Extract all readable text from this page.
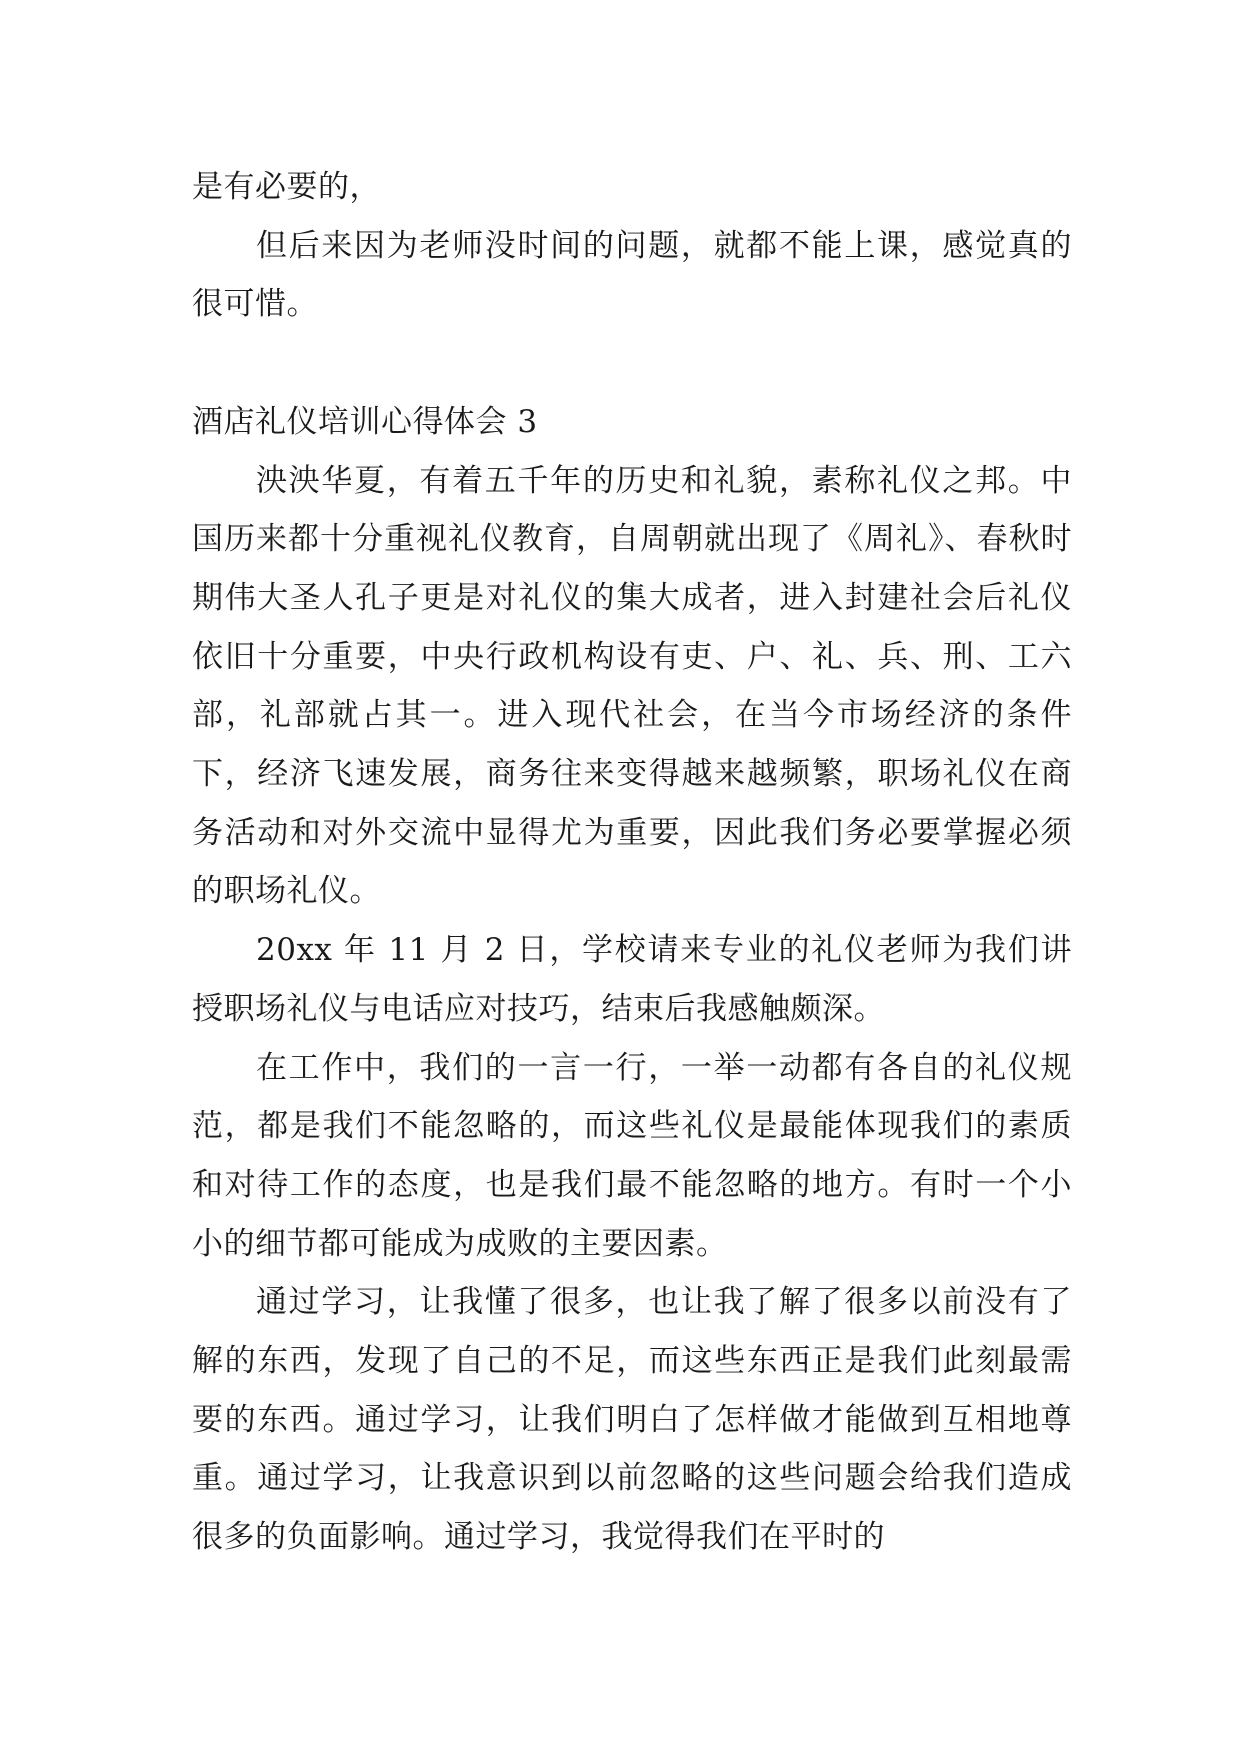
是有必要的，

但后来因为老师没时间的问题，就都不能上课，感觉真的很可惜。

酒店礼仪培训心得体会 3

泱泱华夏，有着五千年的历史和礼貌，素称礼仪之邦。中国历来都十分重视礼仪教育，自周朝就出现了《周礼》、春秋时期伟大圣人孔子更是对礼仪的集大成者，进入封建社会后礼仪依旧十分重要，中央行政机构设有吏、户、礼、兵、刑、工六部，礼部就占其一。进入现代社会，在当今市场经济的条件下，经济飞速发展，商务往来变得越来越频繁，职场礼仪在商务活动和对外交流中显得尤为重要，因此我们务必要掌握必须的职场礼仪。

20xx 年 11 月 2 日，学校请来专业的礼仪老师为我们讲授职场礼仪与电话应对技巧，结束后我感触颇深。

在工作中，我们的一言一行，一举一动都有各自的礼仪规范，都是我们不能忽略的，而这些礼仪是最能体现我们的素质和对待工作的态度，也是我们最不能忽略的地方。有时一个小小的细节都可能成为成败的主要因素。

通过学习，让我懂了很多，也让我了解了很多以前没有了解的东西，发现了自己的不足，而这些东西正是我们此刻最需要的东西。通过学习，让我们明白了怎样做才能做到互相地尊重。通过学习，让我意识到以前忽略的这些问题会给我们造成很多的负面影响。通过学习，我觉得我们在平时的
